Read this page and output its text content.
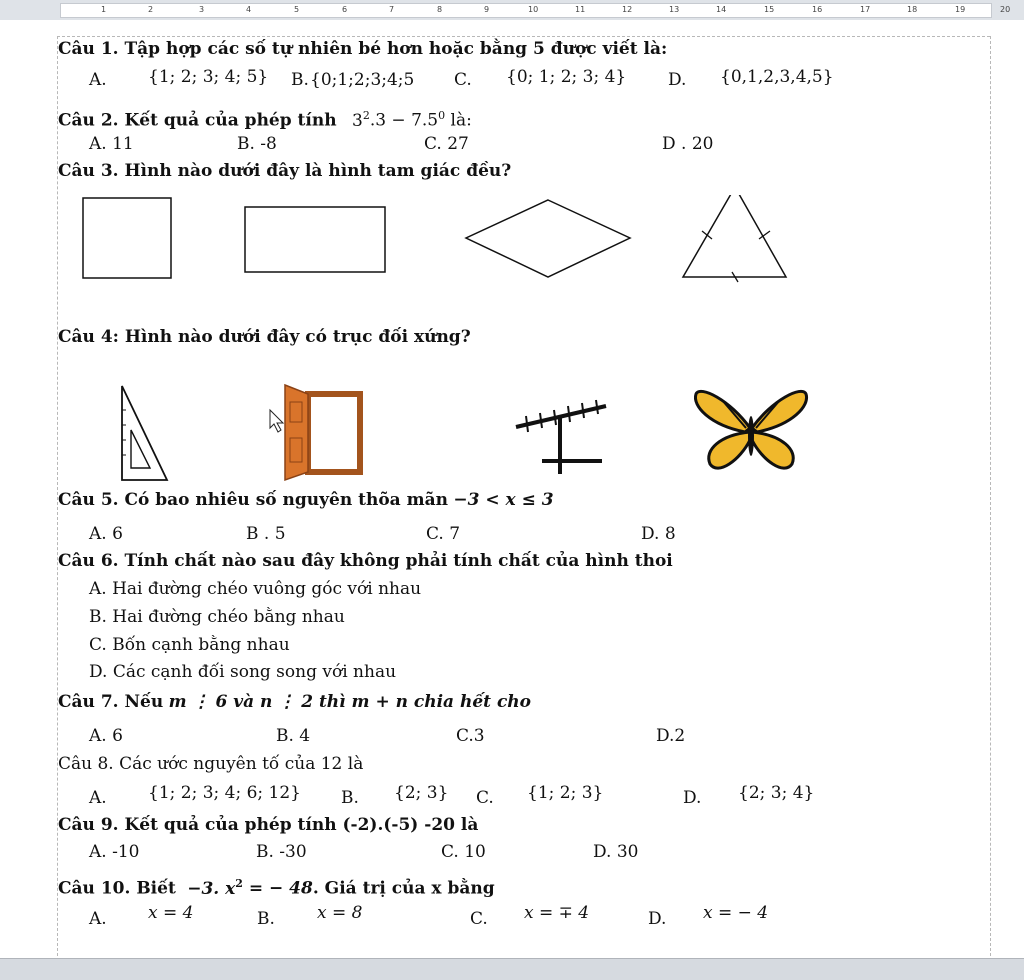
1	2	3	4	5	6	7	8	9	10	11	12	13	14	15	16	17	18	19	20
Câu 1. Tập hợp các số tự nhiên bé hơn hoặc bằng 5 được viết là:
A. {1; 2; 3; 4; 5} B. {0;1;2;3;4;5 C. {0; 1; 2; 3; 4} D. {0,1,2,3,4,5}
Câu 2. Kết quả của phép tính $3^2.3 - 7.5^0$ là:
A. 11	B. -8	C. 27	D . 20
Câu 3. Hình nào dưới đây là hình tam giác đều?
Câu 4: Hình nào dưới đây có trục đối xứng?
Câu 5. Có bao nhiêu số nguyên thõa mãn −3 < x ≤ 3
A. 6	B . 5	C. 7	D. 8
Câu 6. Tính chất nào sau đây không phải tính chất của hình thoi
A. Hai đường chéo vuông góc với nhau
B. Hai đường chéo bằng nhau
C. Bốn cạnh bằng nhau
D. Các cạnh đối song song với nhau
Câu 7. Nếu m ⋮ 6 và n ⋮ 2 thì m + n chia hết cho
A. 6	B. 4	C.3	D.2
Câu 8. Các ước nguyên tố của 12 là
A. {1; 2; 3; 4; 6; 12} B. {2; 3} C. {1; 2; 3}	D. {2; 3; 4}
Câu 9. Kết quả của phép tính (-2).(-5) -20 là
A. -10	B. -30	C. 10	D. 30
Câu 10. Biết −3. $x^2$ = − 48. Giá trị của x bằng
A. x = 4	B. x = 8	C. x = ∓ 4	D. x = − 4
